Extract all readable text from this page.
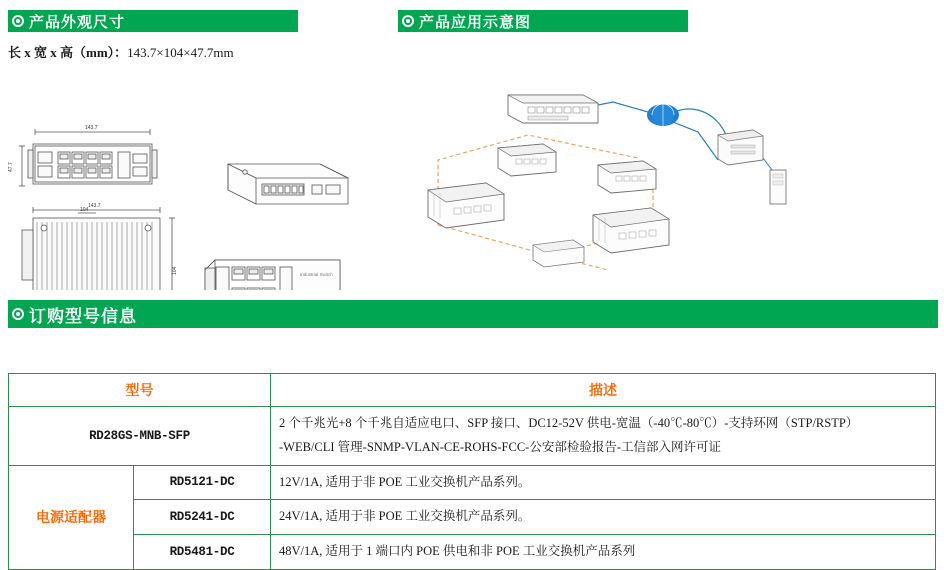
产品外观尺寸	产品应用示意图
长 x 宽 x 高（mm）：143.7×104×47.7mm
143.7
47.7
143.7
104
104	Industrial Switch
订购型号信息
型号		描述
RD28GS-MNB-SFP		2 个千兆光+8 个千兆自适应电口、SFP 接口、DC12-52V 供电-宽温（-40℃-80℃）-支持环网（STP/RSTP）
-WEB/CLI 管理-SNMP-VLAN-CE-ROHS-FCC-公安部检验报告-工信部入网许可证

电源适配器	RD5121-DC	12V/1A, 适用于非 POE 工业交换机产品系列。
	RD5241-DC	24V/1A, 适用于非 POE 工业交换机产品系列。
	RD5481-DC	48V/1A, 适用于 1 端口内 POE 供电和非 POE 工业交换机产品系列
